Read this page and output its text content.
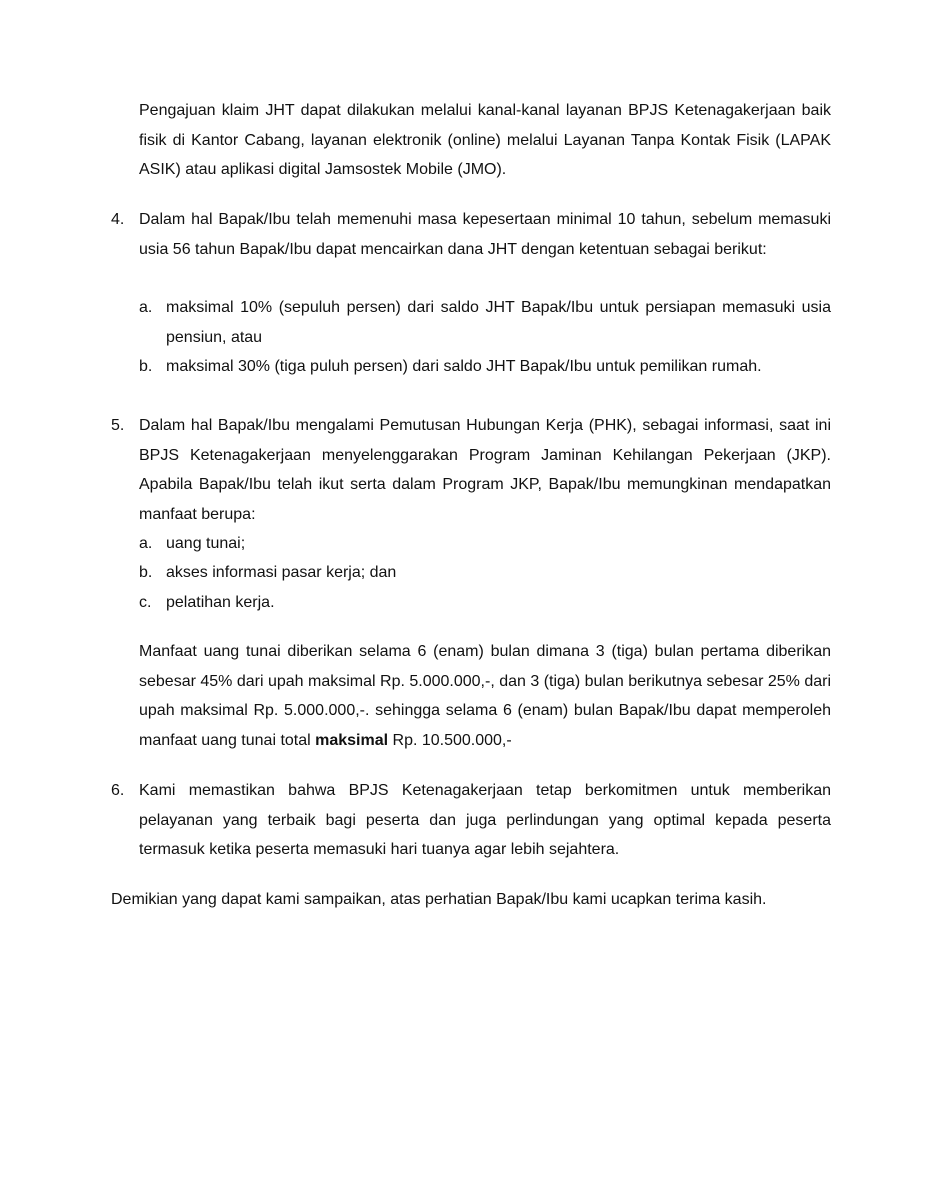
Pengajuan klaim JHT dapat dilakukan melalui kanal-kanal layanan BPJS Ketenagakerjaan baik fisik di Kantor Cabang, layanan elektronik (online) melalui Layanan Tanpa Kontak Fisik (LAPAK ASIK) atau aplikasi digital Jamsostek Mobile (JMO).

4. Dalam hal Bapak/Ibu telah memenuhi masa kepesertaan minimal 10 tahun, sebelum memasuki usia 56 tahun Bapak/Ibu dapat mencairkan dana JHT dengan ketentuan sebagai berikut:

a. maksimal 10% (sepuluh persen) dari saldo JHT Bapak/Ibu untuk persiapan memasuki usia pensiun, atau
b. maksimal 30% (tiga puluh persen) dari saldo JHT Bapak/Ibu untuk pemilikan rumah.
5. Dalam hal Bapak/Ibu mengalami Pemutusan Hubungan Kerja (PHK), sebagai informasi, saat ini BPJS Ketenagakerjaan menyelenggarakan Program Jaminan Kehilangan Pekerjaan (JKP). Apabila Bapak/Ibu telah ikut serta dalam Program JKP, Bapak/Ibu memungkinan mendapatkan manfaat berupa:

a. uang tunai;
b. akses informasi pasar kerja; dan
c. pelatihan kerja.

Manfaat uang tunai diberikan selama 6 (enam) bulan dimana 3 (tiga) bulan pertama diberikan sebesar 45% dari upah maksimal Rp. 5.000.000,-, dan 3 (tiga) bulan berikutnya sebesar 25% dari upah maksimal Rp. 5.000.000,-. sehingga selama 6 (enam) bulan Bapak/Ibu dapat memperoleh manfaat uang tunai total maksimal Rp. 10.500.000,-

6. Kami memastikan bahwa BPJS Ketenagakerjaan tetap berkomitmen untuk memberikan pelayanan yang terbaik bagi peserta dan juga perlindungan yang optimal kepada peserta termasuk ketika peserta memasuki hari tuanya agar lebih sejahtera.

Demikian yang dapat kami sampaikan, atas perhatian Bapak/Ibu kami ucapkan terima kasih.
